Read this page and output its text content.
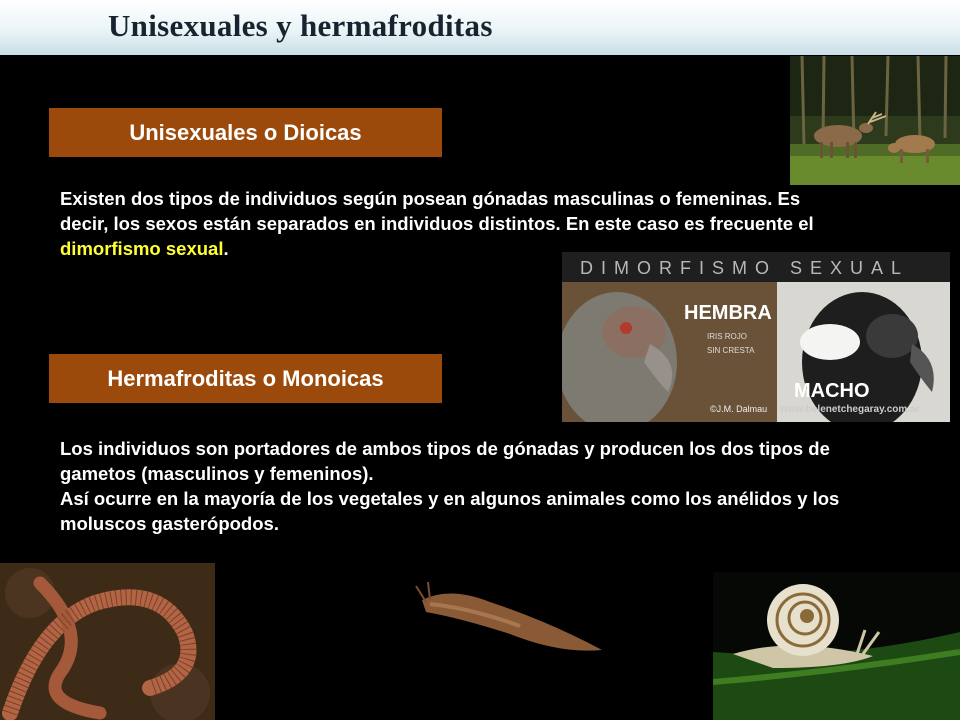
Unisexuales y hermafroditas
Unisexuales o Dioicas
Existen dos tipos de individuos según posean gónadas masculinas o femeninas. Es decir, los sexos están separados en individuos distintos. En este caso es frecuente el dimorfismo sexual.
DIMORFISMO SEXUAL
HEMBRA
IRIS ROJO
SIN CRESTA
MACHO
©J.M. Dalmau www.belenetchegaray.com.ar
Hermafroditas o Monoicas
Los individuos son portadores de ambos tipos de gónadas y producen los dos tipos de gametos (masculinos y femeninos).
Así ocurre en la mayoría de los vegetales y en algunos animales como los anélidos y los moluscos gasterópodos.
